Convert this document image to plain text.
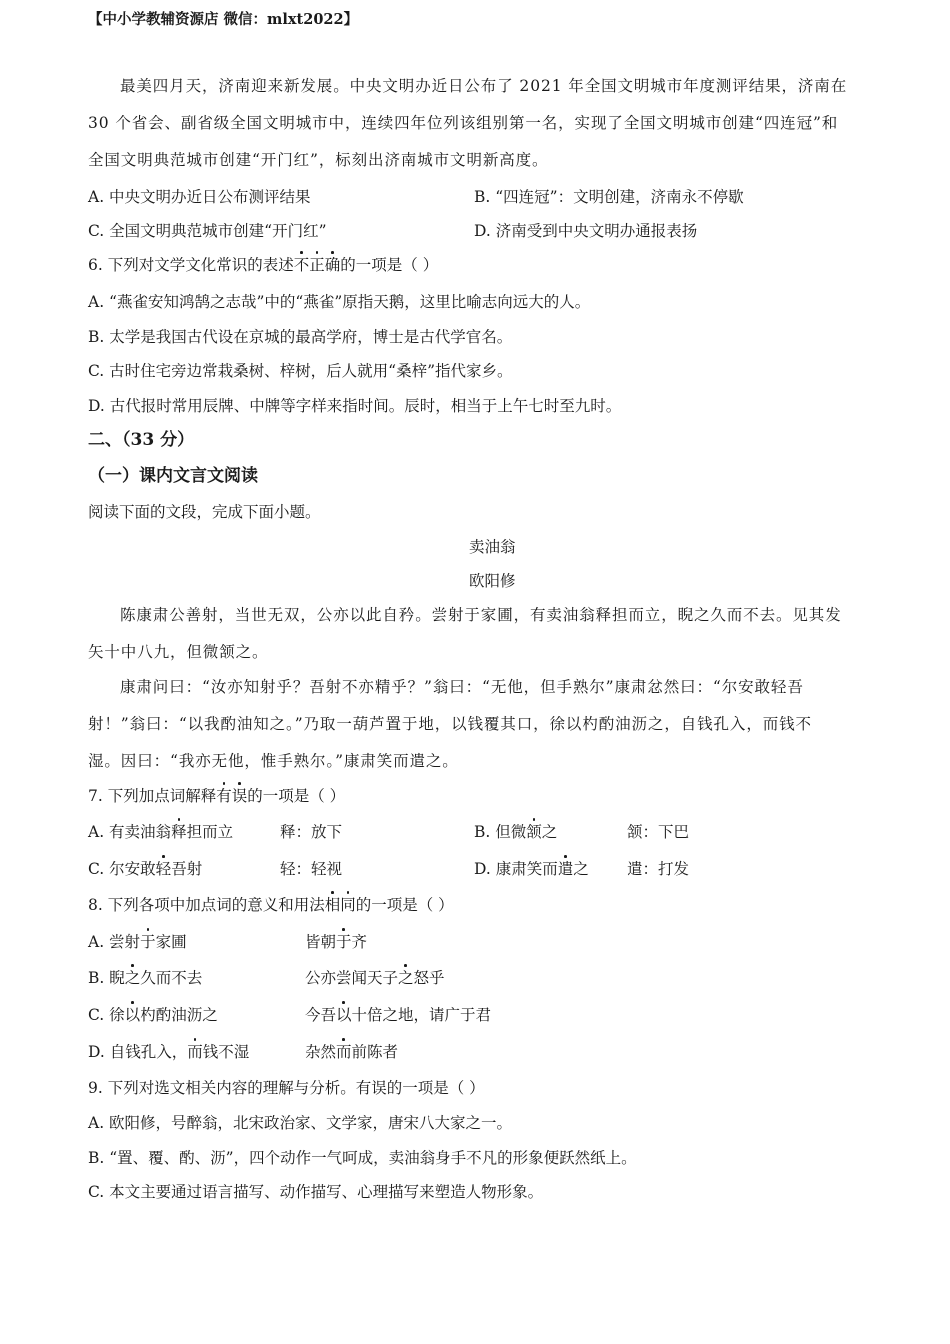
【中小学教辅资源店 微信：mlxt2022】
最美四月天，济南迎来新发展。中央文明办近日公布了 2021 年全国文明城市年度测评结果，济南在
30 个省会、副省级全国文明城市中，连续四年位列该组别第一名，实现了全国文明城市创建“四连冠”和
全国文明典范城市创建“开门红”，标刻出济南城市文明新高度。
A. 中央文明办近日公布测评结果	B. “四连冠”：文明创建，济南永不停歇
C. 全国文明典范城市创建“开门红”	D. 济南受到中央文明办通报表扬
6. 下列对文学文化常识的表述不正确的一项是（ ）
A. “燕雀安知鸿鹄之志哉”中的“燕雀”原指天鹅，这里比喻志向远大的人。
B. 太学是我国古代设在京城的最高学府，博士是古代学官名。
C. 古时住宅旁边常栽桑树、梓树，后人就用“桑梓”指代家乡。
D. 古代报时常用辰牌、中牌等字样来指时间。辰时，相当于上午七时至九时。
二、（33 分）
（一）课内文言文阅读
阅读下面的文段，完成下面小题。
卖油翁
欧阳修
陈康肃公善射，当世无双，公亦以此自矜。尝射于家圃，有卖油翁释担而立，睨之久而不去。见其发
矢十中八九，但微颔之。
康肃问曰：“汝亦知射乎？吾射不亦精乎？”翁曰：“无他，但手熟尔”康肃忿然曰：“尔安敢轻吾
射！”翁曰：“以我酌油知之。”乃取一葫芦置于地，以钱覆其口，徐以杓酌油沥之，自钱孔入，而钱不
湿。因曰：“我亦无他，惟手熟尔。”康肃笑而遣之。
7. 下列加点词解释有误的一项是（ ）
A. 有卖油翁释担而立	释：放下	B. 但微颔之	颔：下巴
C. 尔安敢轻吾射	轻：轻视	D. 康肃笑而遣之 遣：打发
8. 下列各项中加点词的意义和用法相同的一项是（ ）
A. 尝射于家圃	皆朝于齐
B. 睨之久而不去	公亦尝闻天子之怒乎
C. 徐以杓酌油沥之	今吾以十倍之地，请广于君
D. 自钱孔入，而钱不湿	杂然而前陈者
9. 下列对选文相关内容的理解与分析。有误的一项是（ ）
A. 欧阳修，号醉翁，北宋政治家、文学家，唐宋八大家之一。
B. “置、覆、酌、沥”，四个动作一气呵成，卖油翁身手不凡的形象便跃然纸上。
C. 本文主要通过语言描写、动作描写、心理描写来塑造人物形象。
